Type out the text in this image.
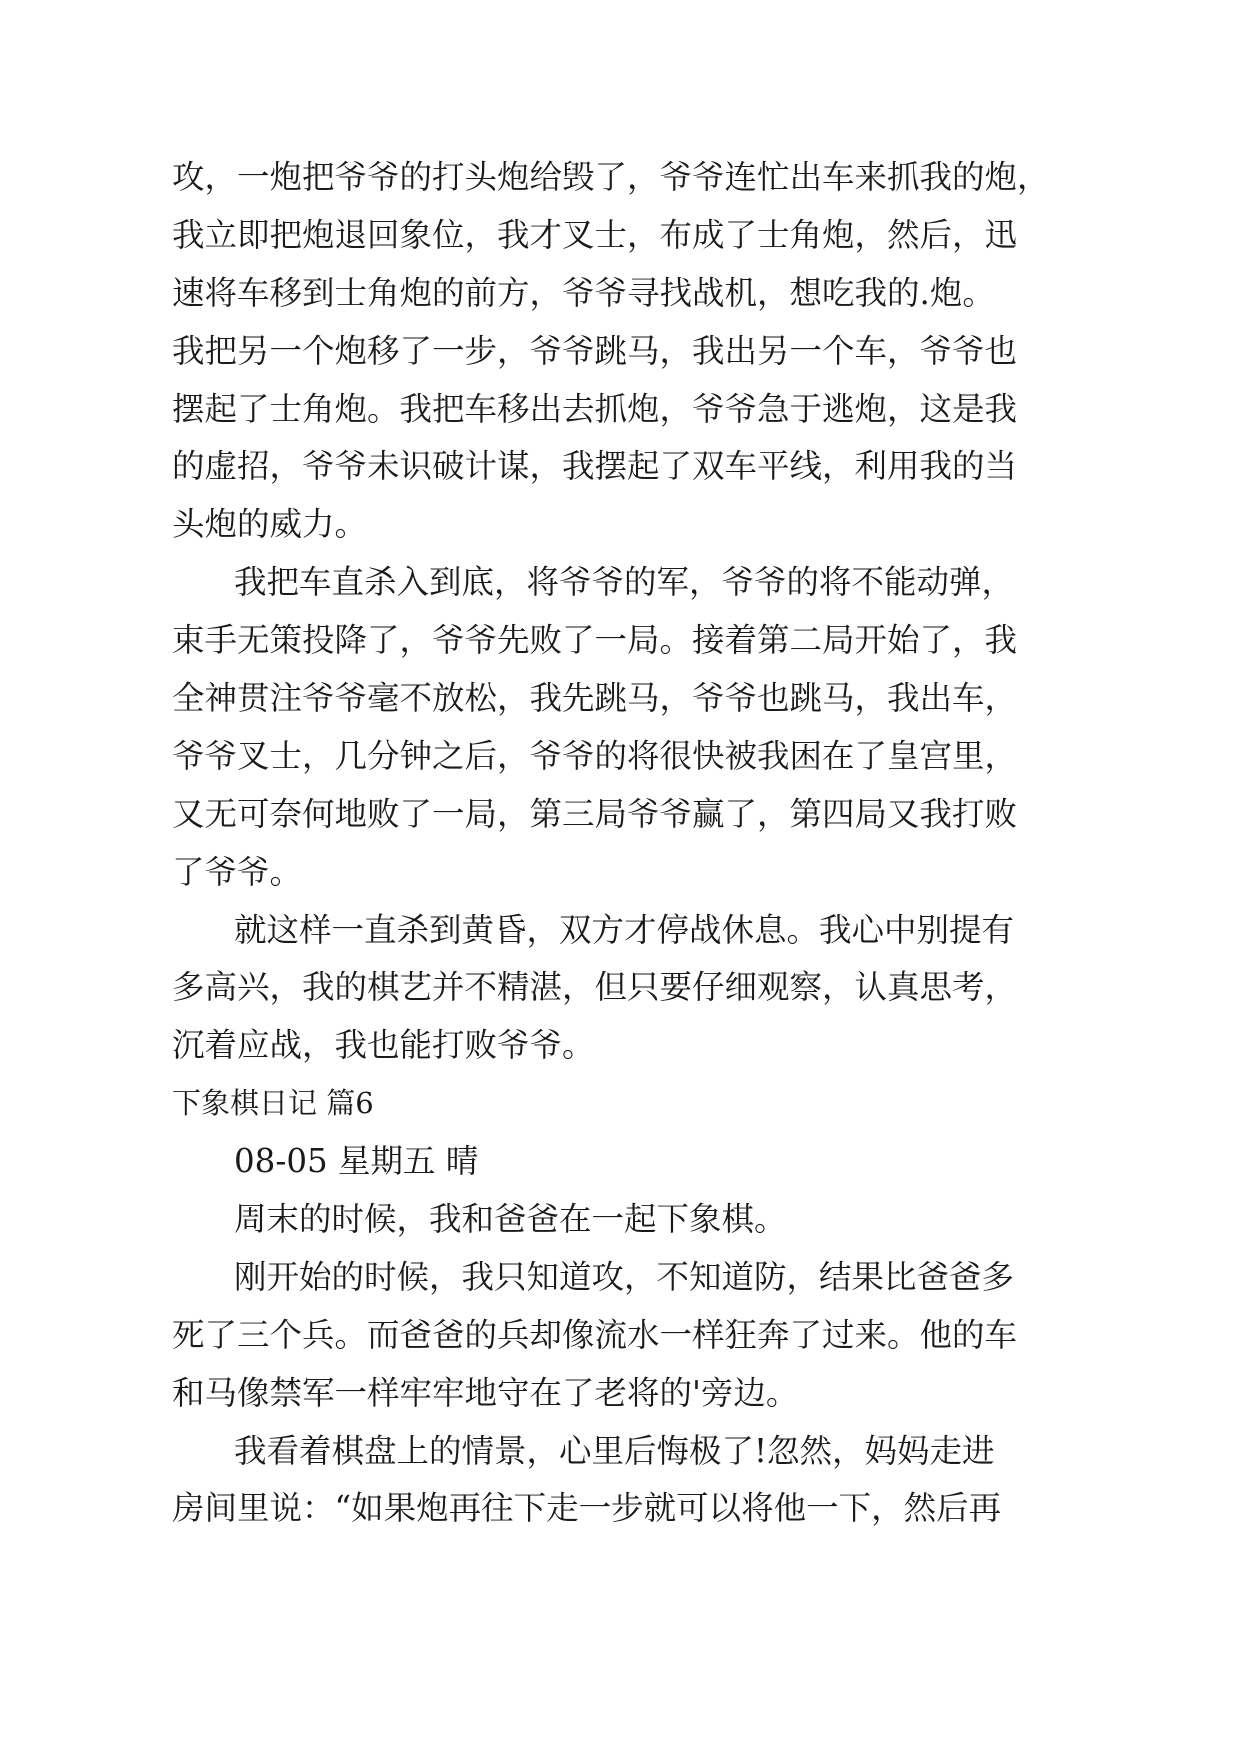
攻，一炮把爷爷的打头炮给毁了，爷爷连忙出车来抓我的炮，
我立即把炮退回象位，我才叉士，布成了士角炮，然后，迅
速将车移到士角炮的前方，爷爷寻找战机，想吃我的.炮。
我把另一个炮移了一步，爷爷跳马，我出另一个车，爷爷也
摆起了士角炮。我把车移出去抓炮，爷爷急于逃炮，这是我
的虚招，爷爷未识破计谋，我摆起了双车平线，利用我的当
头炮的威力。
我把车直杀入到底，将爷爷的军，爷爷的将不能动弹，
束手无策投降了，爷爷先败了一局。接着第二局开始了，我
全神贯注爷爷毫不放松，我先跳马，爷爷也跳马，我出车，
爷爷叉士，几分钟之后，爷爷的将很快被我困在了皇宫里，
又无可奈何地败了一局，第三局爷爷赢了，第四局又我打败
了爷爷。
就这样一直杀到黄昏，双方才停战休息。我心中别提有
多高兴，我的棋艺并不精湛，但只要仔细观察，认真思考，
沉着应战，我也能打败爷爷。
下象棋日记 篇6
08-05 星期五 晴
周末的时候，我和爸爸在一起下象棋。
刚开始的时候，我只知道攻，不知道防，结果比爸爸多
死了三个兵。而爸爸的兵却像流水一样狂奔了过来。他的车
和马像禁军一样牢牢地守在了老将的'旁边。
我看着棋盘上的情景，心里后悔极了!忽然，妈妈走进
房间里说：“如果炮再往下走一步就可以将他一下，然后再
